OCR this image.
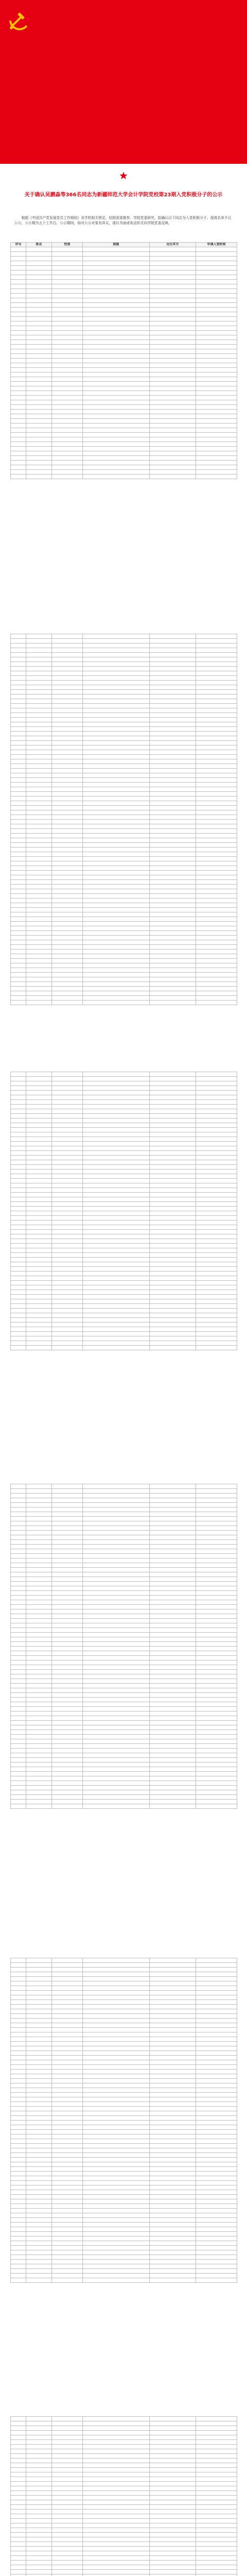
关于确认吴鹏淼等366名同志为新疆师范大学会计学院党校第23期入党积极分子的公示

根据《中国共产党发展党员工作细则》及学校相关规定，经院团委推荐、学院党委研究，拟确认以下同志为入党积极分子。现将名单予以公示，公示期为五个工作日。公示期间，如对公示对象有异议，请以书面或电话形式向学院党委反映。

序号	姓名	性别	班级	出生年月	申请入党时间
